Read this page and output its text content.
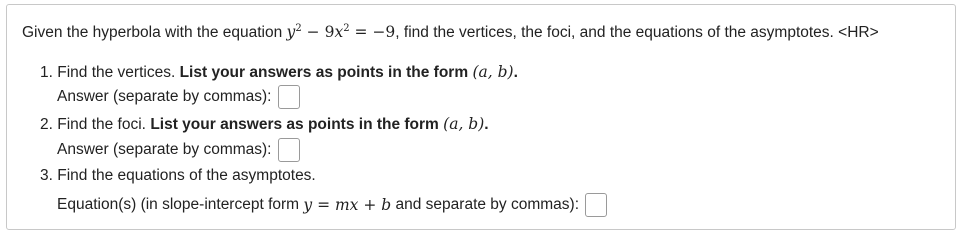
Given the hyperbola with the equation $y^2 - 9x^2 = -9$, find the vertices, the foci, and the equations of the asymptotes. <HR>
1. Find the vertices. List your answers as points in the form (a, b).
Answer (separate by commas):
2. Find the foci. List your answers as points in the form (a, b).
Answer (separate by commas):
3. Find the equations of the asymptotes.
Equation(s) (in slope-intercept form
y = mx + b
and separate by commas):
